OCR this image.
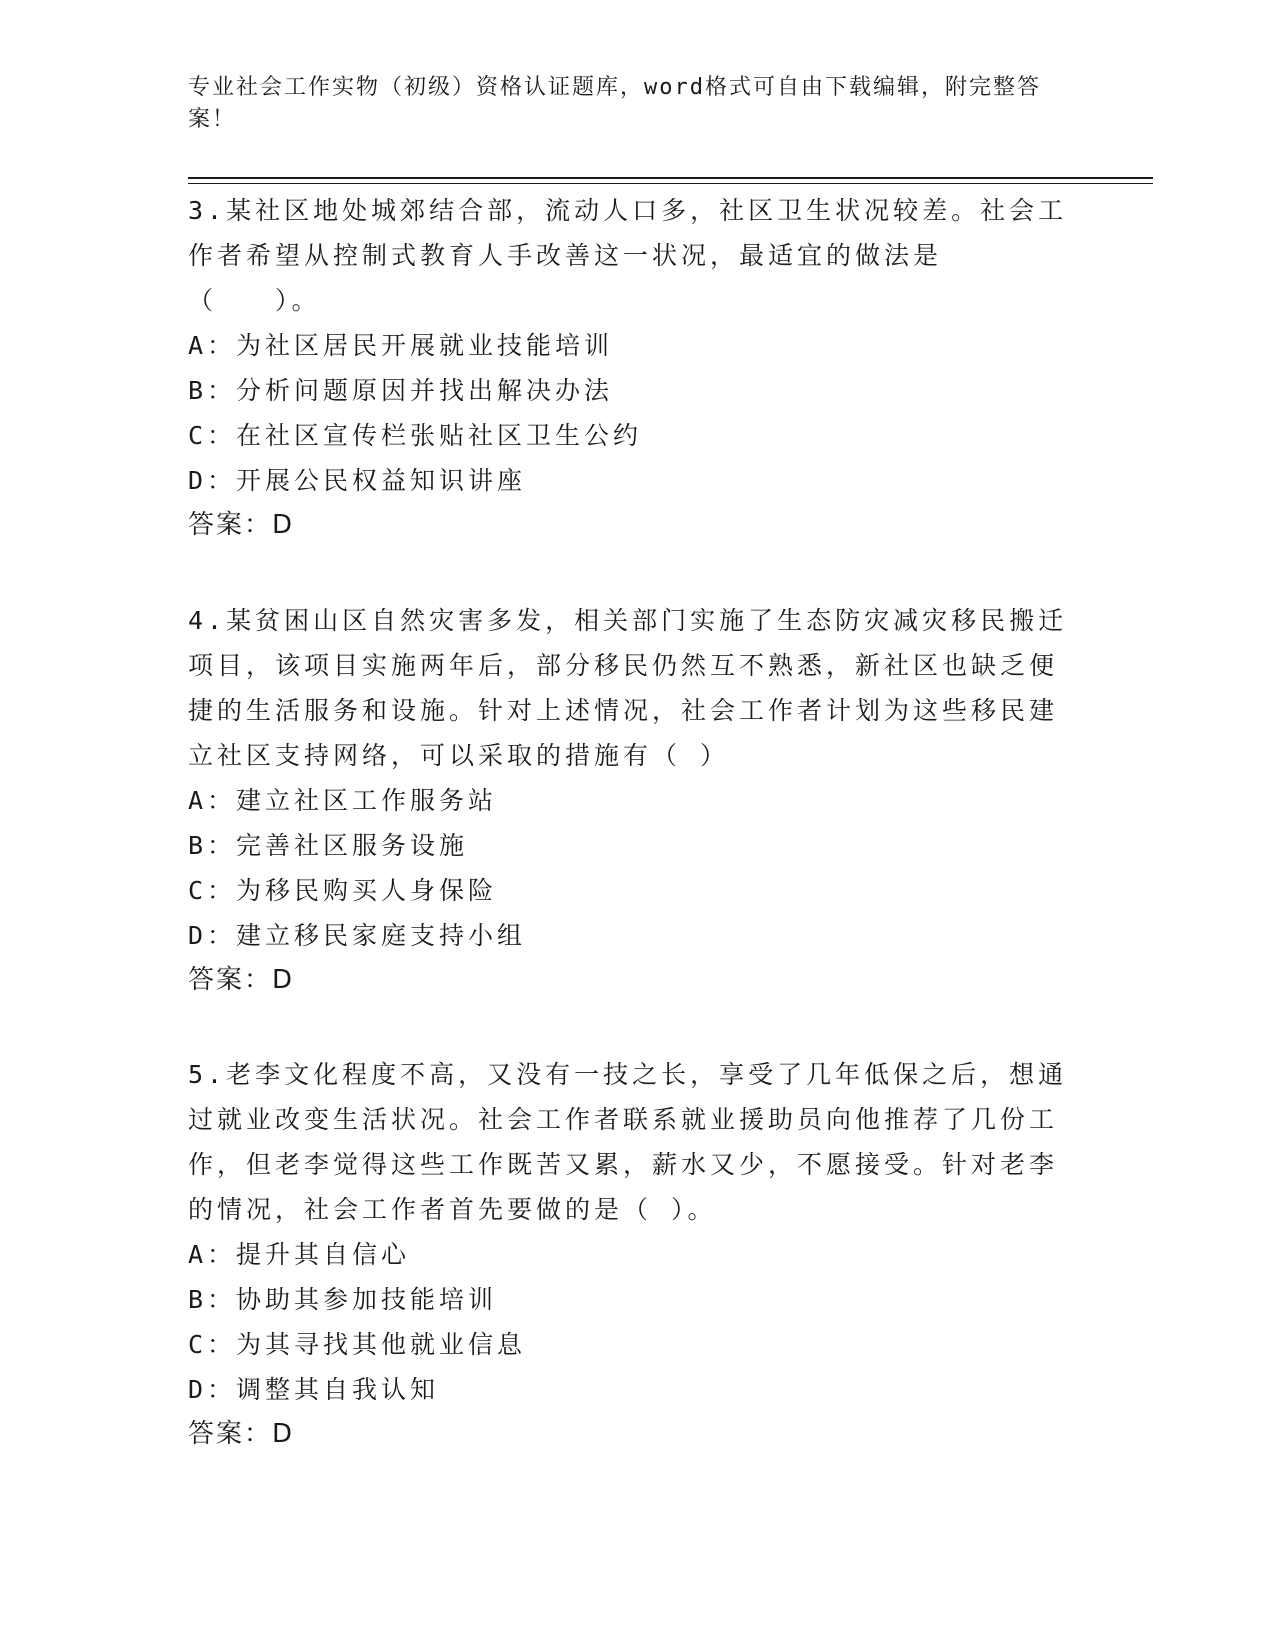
专业社会工作实物（初级）资格认证题库，word格式可自由下载编辑，附完整答案！
3.某社区地处城郊结合部，流动人口多，社区卫生状况较差。社会工作者希望从控制式教育人手改善这一状况，最适宜的做法是（　　）。
A：为社区居民开展就业技能培训
B：分析问题原因并找出解决办法
C：在社区宣传栏张贴社区卫生公约
D：开展公民权益知识讲座
答案：D
4.某贫困山区自然灾害多发，相关部门实施了生态防灾减灾移民搬迁项目，该项目实施两年后，部分移民仍然互不熟悉，新社区也缺乏便捷的生活服务和设施。针对上述情况，社会工作者计划为这些移民建立社区支持网络，可以采取的措施有（ ）
A：建立社区工作服务站
B：完善社区服务设施
C：为移民购买人身保险
D：建立移民家庭支持小组
答案：D
5.老李文化程度不高，又没有一技之长，享受了几年低保之后，想通过就业改变生活状况。社会工作者联系就业援助员向他推荐了几份工作，但老李觉得这些工作既苦又累，薪水又少，不愿接受。针对老李的情况，社会工作者首先要做的是（ ）。
A：提升其自信心
B：协助其参加技能培训
C：为其寻找其他就业信息
D：调整其自我认知
答案：D
